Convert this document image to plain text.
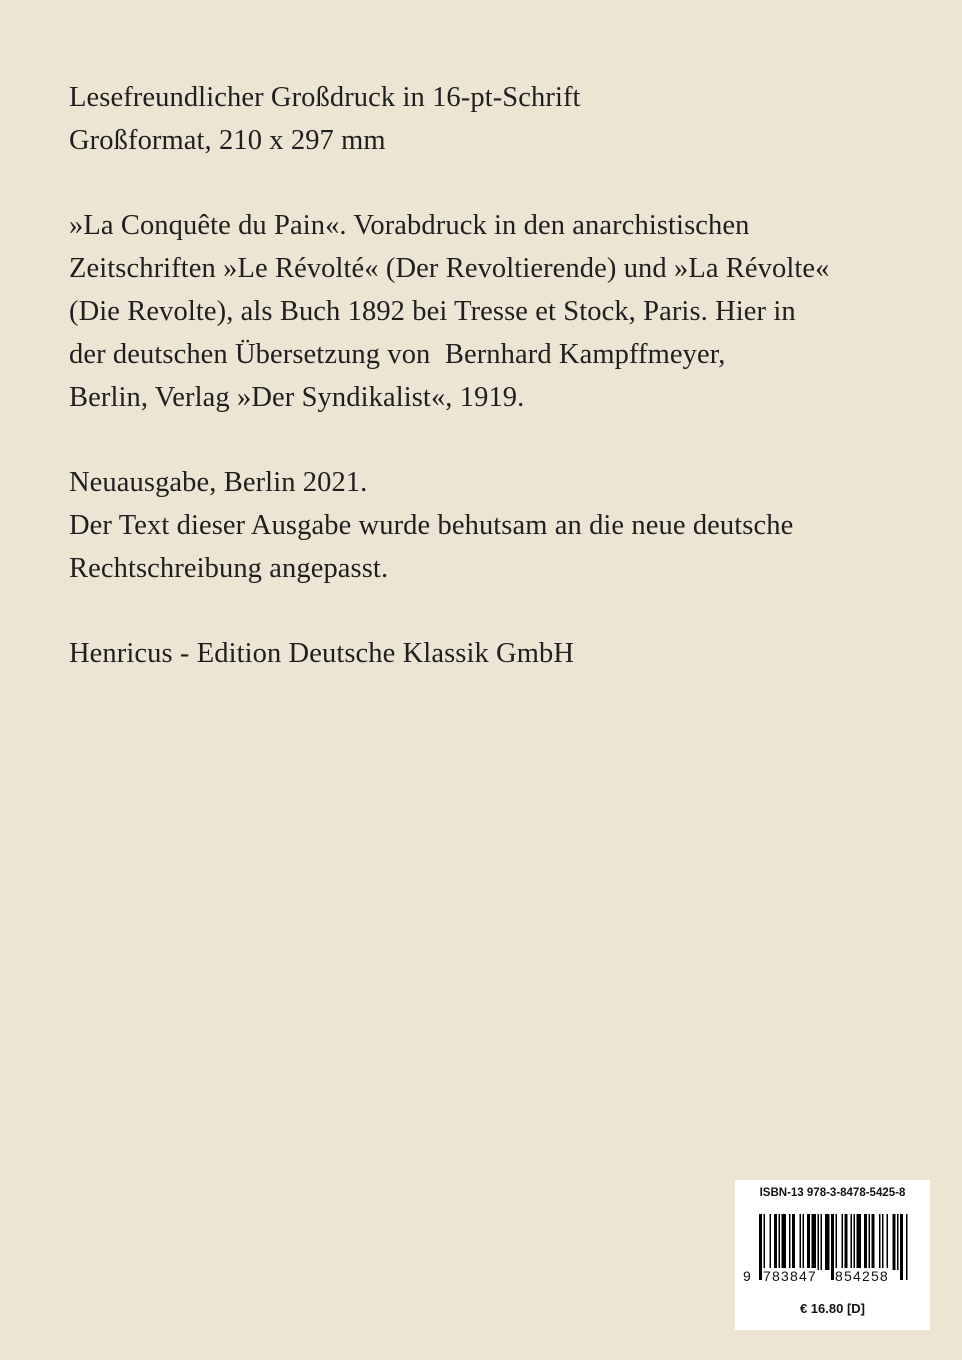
Lesefreundlicher Großdruck in 16-pt-Schrift
Großformat, 210 x 297 mm

»La Conquête du Pain«. Vorabdruck in den anarchistischen
Zeitschriften »Le Révolté« (Der Revoltierende) und »La Révolte«
(Die Revolte), als Buch 1892 bei Tresse et Stock, Paris. Hier in
der deutschen Übersetzung von  Bernhard Kampffmeyer,
Berlin, Verlag »Der Syndikalist«, 1919.

Neuausgabe, Berlin 2021.
Der Text dieser Ausgabe wurde behutsam an die neue deutsche
Rechtschreibung angepasst.

Henricus - Edition Deutsche Klassik GmbH

ISBN-13 978-3-8478-5425-8
9 783847 854258
€ 16.80 [D]
